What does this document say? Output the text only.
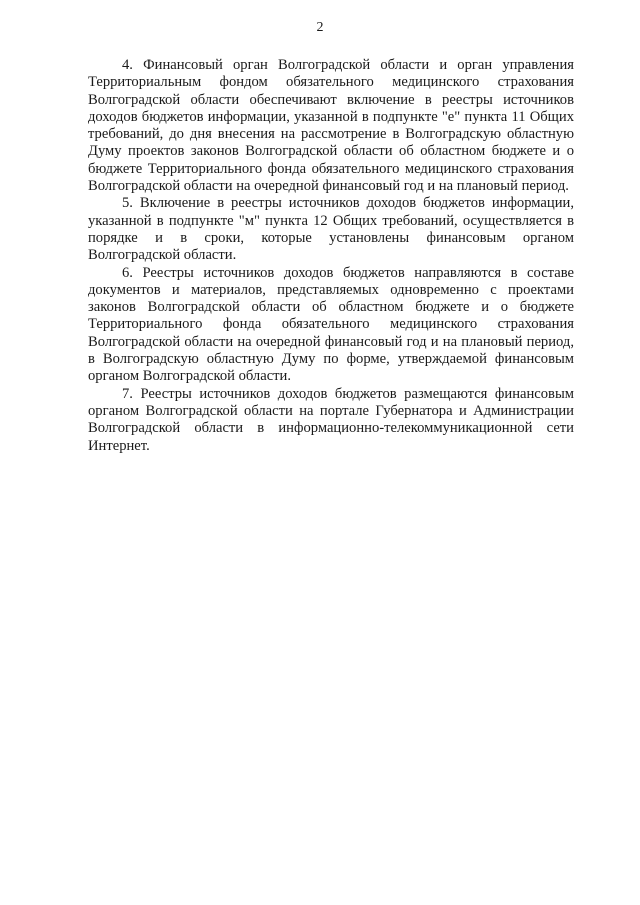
2

4. Финансовый орган Волгоградской области и орган управления Территориальным фондом обязательного медицинского страхования Волгоградской области обеспечивают включение в реестры источников доходов бюджетов информации, указанной в подпункте "е" пункта 11 Общих требований, до дня внесения на рассмотрение в Волгоградскую областную Думу проектов законов Волгоградской области об областном бюджете и о бюджете Территориального фонда обязательного медицинского страхования Волгоградской области на очередной финансовый год и на плановый период.

5. Включение в реестры источников доходов бюджетов информации, указанной в подпункте "м" пункта 12 Общих требований, осуществляется в порядке и в сроки, которые установлены финансовым органом Волгоградской области.

6. Реестры источников доходов бюджетов направляются в составе документов и материалов, представляемых одновременно с проектами законов Волгоградской области об областном бюджете и о бюджете Территориального фонда обязательного медицинского страхования Волгоградской области на очередной финансовый год и на плановый период, в Волгоградскую областную Думу по форме, утверждаемой финансовым органом Волгоградской области.

7. Реестры источников доходов бюджетов размещаются финансовым органом Волгоградской области на портале Губернатора и Администрации Волгоградской области в информационно-телекоммуникационной сети Интернет.
